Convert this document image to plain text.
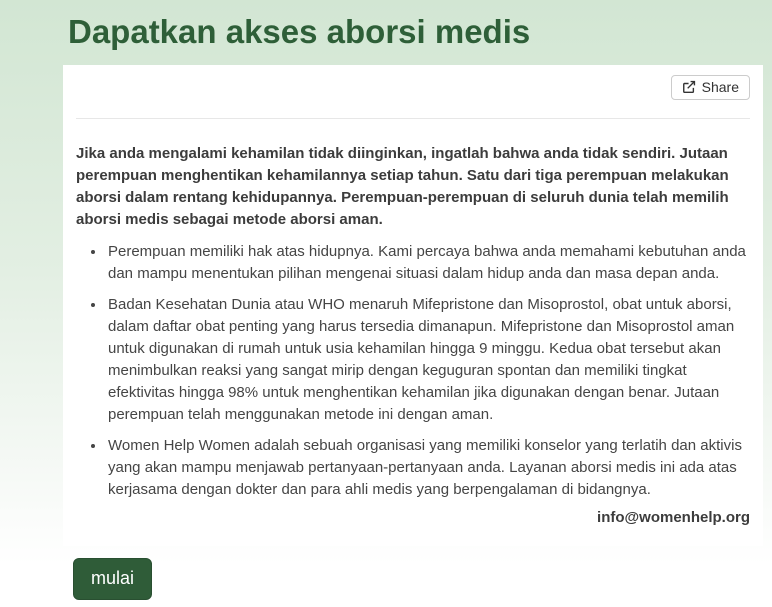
Dapatkan akses aborsi medis
Share

Jika anda mengalami kehamilan tidak diinginkan, ingatlah bahwa anda tidak sendiri. Jutaan perempuan menghentikan kehamilannya setiap tahun. Satu dari tiga perempuan melakukan aborsi dalam rentang kehidupannya. Perempuan-perempuan di seluruh dunia telah memilih aborsi medis sebagai metode aborsi aman.

• Perempuan memiliki hak atas hidupnya. Kami percaya bahwa anda memahami kebutuhan anda dan mampu menentukan pilihan mengenai situasi dalam hidup anda dan masa depan anda.
• Badan Kesehatan Dunia atau WHO menaruh Mifepristone dan Misoprostol, obat untuk aborsi, dalam daftar obat penting yang harus tersedia dimanapun. Mifepristone dan Misoprostol aman untuk digunakan di rumah untuk usia kehamilan hingga 9 minggu. Kedua obat tersebut akan menimbulkan reaksi yang sangat mirip dengan keguguran spontan dan memiliki tingkat efektivitas hingga 98% untuk menghentikan kehamilan jika digunakan dengan benar. Jutaan perempuan telah menggunakan metode ini dengan aman.
• Women Help Women adalah sebuah organisasi yang memiliki konselor yang terlatih dan aktivis yang akan mampu menjawab pertanyaan-pertanyaan anda. Layanan aborsi medis ini ada atas kerjasama dengan dokter dan para ahli medis yang berpengalaman di bidangnya.
info@womenhelp.org
mulai
